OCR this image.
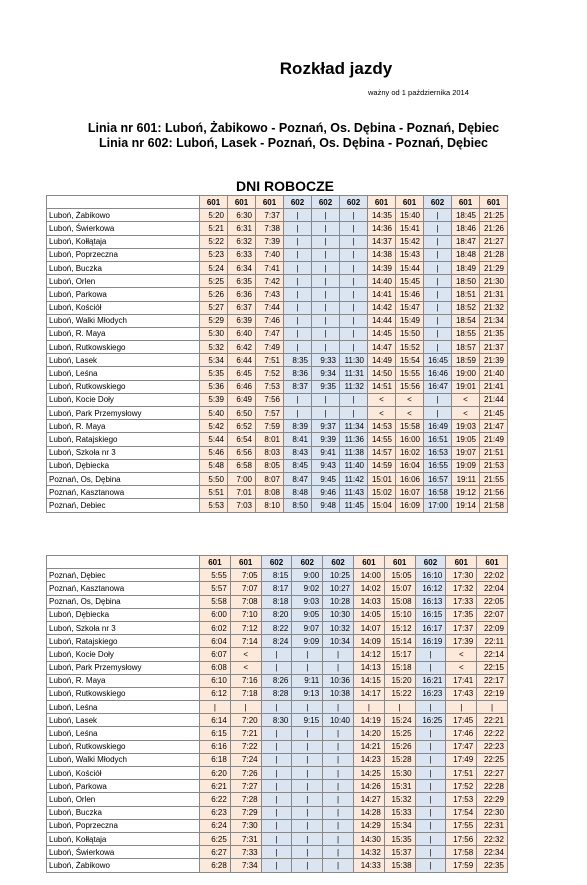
Rozkład jazdy
ważny od 1 października 2014
Linia nr 601: Luboń, Żabikowo - Poznań, Os. Dębina - Poznań, Dębiec
Linia nr 602: Luboń, Lasek - Poznań, Os. Dębina - Poznań, Dębiec
DNI ROBOCZE
	601	601	601	602	602	602	601	601	602	601	601
Luboń, Żabikowo	5:20	6:30	7:37	|	|	|	14:35	15:40	|	18:45	21:25
Luboń, Świerkowa	5:21	6:31	7:38	|	|	|	14:36	15:41	|	18:46	21:26
Luboń, Kołłątaja	5:22	6:32	7:39	|	|	|	14:37	15:42	|	18:47	21:27
Luboń, Poprzeczna	5:23	6:33	7:40	|	|	|	14:38	15:43	|	18:48	21:28
Luboń, Buczka	5:24	6:34	7:41	|	|	|	14:39	15:44	|	18:49	21:29
Luboń, Orlen	5:25	6:35	7:42	|	|	|	14:40	15:45	|	18:50	21:30
Luboń, Parkowa	5:26	6:36	7:43	|	|	|	14:41	15:46	|	18:51	21:31
Luboń, Kościół	5:27	6:37	7:44	|	|	|	14:42	15:47	|	18:52	21:32
Luboń, Walki Młodych	5:29	6:39	7:46	|	|	|	14:44	15:49	|	18:54	21:34
Luboń, R. Maya	5:30	6:40	7:47	|	|	|	14:45	15:50	|	18:55	21:35
Luboń, Rutkowskiego	5:32	6:42	7:49	|	|	|	14:47	15:52	|	18:57	21:37
Luboń, Lasek	5:34	6:44	7:51	8:35	9:33	11:30	14:49	15:54	16:45	18:59	21:39
Luboń, Leśna	5:35	6:45	7:52	8:36	9:34	11:31	14:50	15:55	16:46	19:00	21:40
Luboń, Rutkowskiego	5:36	6:46	7:53	8:37	9:35	11:32	14:51	15:56	16:47	19:01	21:41
Luboń, Kocie Doły	5:39	6:49	7:56	|	|	|	<	<	|	<	21:44
Luboń, Park Przemysłowy	5:40	6:50	7:57	|	|	|	<	<	|	<	21:45
Luboń, R. Maya	5:42	6:52	7:59	8:39	9:37	11:34	14:53	15:58	16:49	19:03	21:47
Luboń, Ratajskiego	5:44	6:54	8:01	8:41	9:39	11:36	14:55	16:00	16:51	19:05	21:49
Luboń, Szkoła nr 3	5:46	6:56	8:03	8:43	9:41	11:38	14:57	16:02	16:53	19:07	21:51
Luboń, Dębiecka	5:48	6:58	8:05	8:45	9:43	11:40	14:59	16:04	16:55	19:09	21:53
Poznań, Os, Dębina	5:50	7:00	8:07	8:47	9:45	11:42	15:01	16:06	16:57	19:11	21:55
Poznań, Kasztanowa	5:51	7:01	8:08	8:48	9:46	11:43	15:02	16:07	16:58	19:12	21:56
Poznań, Debiec	5:53	7:03	8:10	8:50	9:48	11:45	15:04	16:09	17:00	19:14	21:58
	601	601	602	602	602	601	601	602	601	601
Poznań, Dębiec	5:55	7:05	8:15	9:00	10:25	14:00	15:05	16:10	17:30	22:02
Poznań, Kasztanowa	5:57	7:07	8:17	9:02	10:27	14:02	15:07	16:12	17:32	22:04
Poznań, Os, Dębina	5:58	7:08	8:18	9:03	10:28	14:03	15:08	16:13	17:33	22:05
Luboń, Dębiecka	6:00	7:10	8:20	9:05	10:30	14:05	15:10	16:15	17:35	22:07
Luboń, Szkoła nr 3	6:02	7:12	8:22	9:07	10:32	14:07	15:12	16:17	17:37	22:09
Luboń, Ratajskiego	6:04	7:14	8:24	9:09	10:34	14:09	15:14	16:19	17:39	22:11
Luboń, Kocie Doły	6:07	<	|	|	|	14:12	15:17	|	<	22:14
Luboń, Park Przemysłowy	6:08	<	|	|	|	14:13	15:18	|	<	22:15
Luboń, R. Maya	6:10	7:16	8:26	9:11	10:36	14:15	15:20	16:21	17:41	22:17
Luboń, Rutkowskiego	6:12	7:18	8:28	9:13	10:38	14:17	15:22	16:23	17:43	22:19
Luboń, Leśna	|	|	|	|	|	|	|	|	|	|
Luboń, Lasek	6:14	7:20	8:30	9:15	10:40	14:19	15:24	16:25	17:45	22:21
Luboń, Leśna	6:15	7:21	|	|	|	14:20	15:25	|	17:46	22:22
Luboń, Rutkowskiego	6:16	7:22	|	|	|	14:21	15:26	|	17:47	22:23
Luboń, Walki Młodych	6:18	7:24	|	|	|	14:23	15:28	|	17:49	22:25
Luboń, Kościół	6:20	7:26	|	|	|	14:25	15:30	|	17:51	22:27
Luboń, Parkowa	6:21	7:27	|	|	|	14:26	15:31	|	17:52	22:28
Luboń, Orlen	6:22	7:28	|	|	|	14:27	15:32	|	17:53	22:29
Luboń, Buczka	6:23	7:29	|	|	|	14:28	15:33	|	17:54	22:30
Luboń, Poprzeczna	6:24	7:30	|	|	|	14:29	15:34	|	17:55	22:31
Luboń, Kołłątaja	6:25	7:31	|	|	|	14:30	15:35	|	17:56	22:32
Luboń, Świerkowa	6:27	7:33	|	|	|	14:32	15:37	|	17:58	22:34
Luboń, Żabikowo	6:28	7:34	|	|	|	14:33	15:38	|	17:59	22:35
